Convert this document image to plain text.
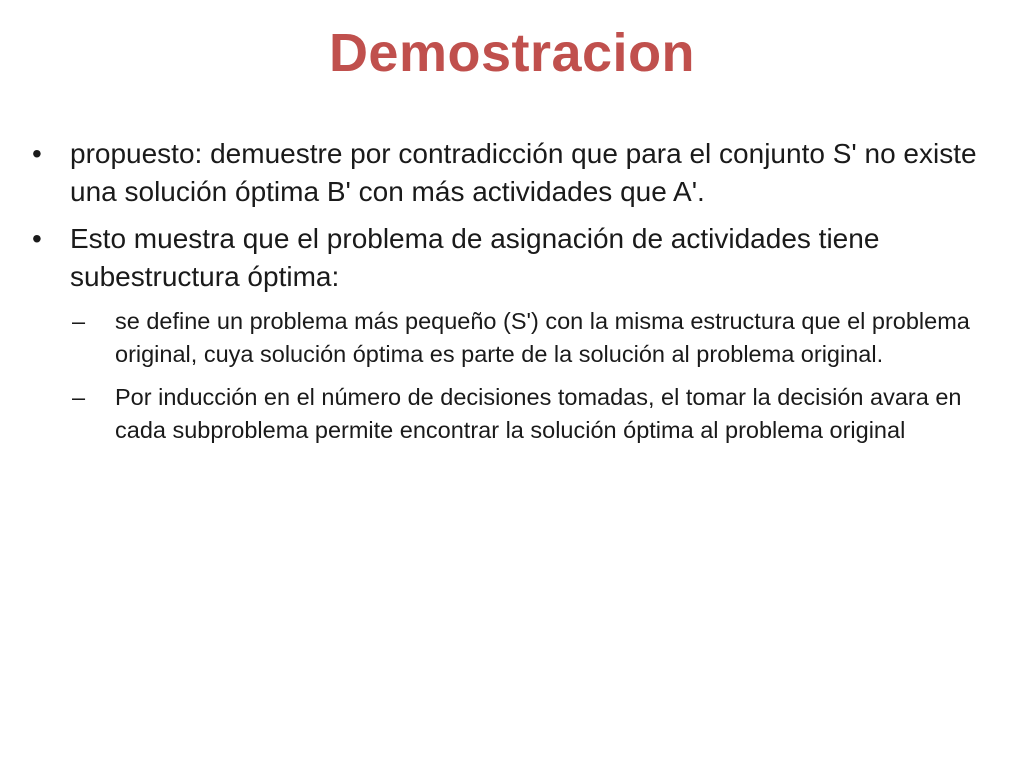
Demostracion
• propuesto: demuestre por contradicción que para el conjunto S' no existe una solución óptima B' con más actividades que A'.
• Esto muestra que el problema de asignación de actividades tiene subestructura óptima:
– se define un problema más pequeño (S') con la misma estructura que el problema original, cuya solución óptima es parte de la solución al problema original.
– Por inducción en el número de decisiones tomadas, el tomar la decisión avara en cada subproblema permite encontrar la solución óptima al problema original
